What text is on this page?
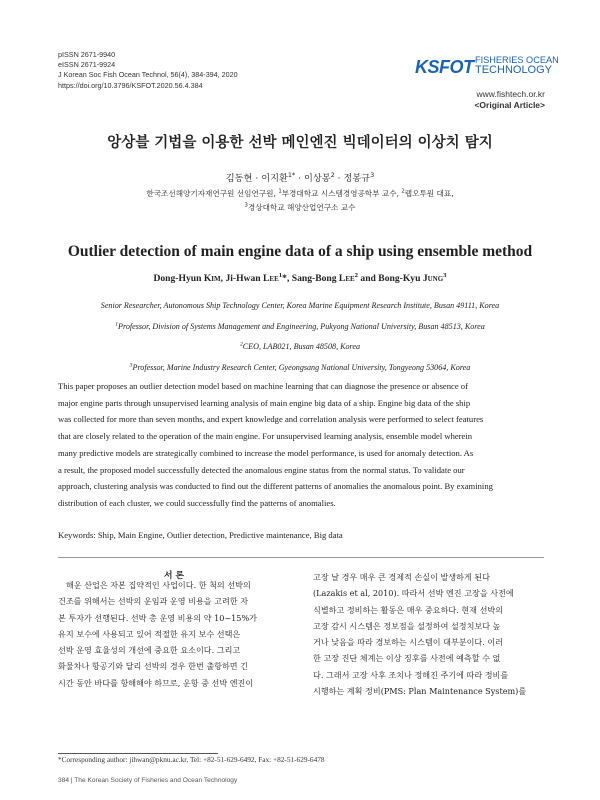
pISSN 2671-9940
eISSN 2671-9924
J Korean Soc Fish Ocean Technol, 56(4), 384-394, 2020
https://doi.org/10.3796/KSFOT.2020.56.4.384
KSFOT FISHERIES OCEAN
TECHNOLOGY
www.fishtech.or.kr
<Original Article>
앙상블 기법을 이용한 선박 메인엔진 빅데이터의 이상치 탐지
김동현 · 이지환$^{1*}$ · 이상봉$^2$ · 정봉규$^3$
한국조선해양기자재연구원 선임연구원, $^1$부경대학교 시스템경영공학부 교수, $^2$랩오투원 대표,
$^3$경상대학교 해양산업연구소 교수
Outlier detection of main engine data of a ship using ensemble method
Dong-Hyun Kim, Ji-Hwan Lee$^1$*, Sang-Bong Lee$^2$ and Bong-Kyu Jung$^3$
Senior Researcher, Autonomous Ship Technology Center, Korea Marine Equipment Research Institute, Busan 49111, Korea
$^1$Professor, Division of Systems Management and Engineering, Pukyong National University, Busan 48513, Korea
$^2$CEO, LAB021, Busan 48508, Korea
$^3$Professor, Marine Industry Research Center, Gyeongsang National University, Tongyeong 53064, Korea
This paper proposes an outlier detection model based on machine learning that can diagnose the presence or absence of
major engine parts through unsupervised learning analysis of main engine big data of a ship. Engine big data of the ship
was collected for more than seven months, and expert knowledge and correlation analysis were performed to select features
that are closely related to the operation of the main engine. For unsupervised learning analysis, ensemble model wherein
many predictive models are strategically combined to increase the model performance, is used for anomaly detection. As
a result, the proposed model successfully detected the anomalous engine status from the normal status. To validate our
approach, clustering analysis was conducted to find out the different patterns of anomalies the anomalous point. By examining
distribution of each cluster, we could successfully find the patterns of anomalies.
Keywords: Ship, Main Engine, Outlier detection, Predictive maintenance, Big data
서 론
해운 산업은 자본 집약적인 사업이다. 한 척의 선박의
건조를 위해서는 선박의 운임과 운영 비용을 고려한 자
본 투자가 선행된다. 선박 총 운영 비용의 약 10~15%가
유지 보수에 사용되고 있어 적절한 유지 보수 선택은
선박 운영 효율성의 개선에 중요한 요소이다. 그리고
화물차나 항공기와 달리 선박의 경우 한번 출항하면 긴
시간 동안 바다를 항해해야 하므로, 운항 중 선박 엔진이
고장 날 경우 매우 큰 경제적 손실이 발생하게 된다
(Lazakis et al, 2010). 따라서 선박 엔진 고장을 사전에
식별하고 정비하는 활동은 매우 중요하다. 현재 선박의
고장 감시 시스템은 정보점을 설정하여 설정치보다 높
거나 낮음을 따라 경보하는 시스템이 대부분이다. 이러
한 고장 진단 체계는 이상 징후를 사전에 예측할 수 없
다. 그래서 고장 사후 조치나 정해진 주기에 따라 정비를
시행하는 계획 정비(PMS: Plan Maintenance System)를
*Corresponding author: jihwan@pknu.ac.kr, Tel: +82-51-629-6492, Fax: +82-51-629-6478
384 | The Korean Society of Fisheries and Ocean Technology
